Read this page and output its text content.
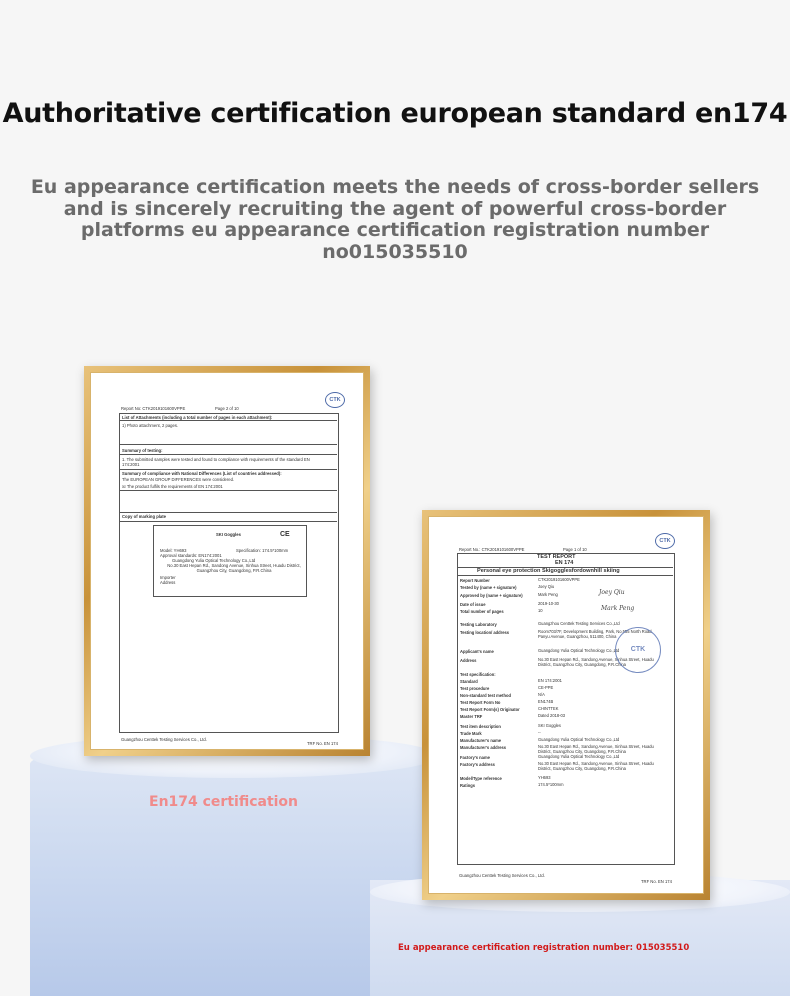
Authoritative certification european standard en174
Eu appearance certification meets the needs of cross-border sellers and is sincerely recruiting the agent of powerful cross-border platforms eu appearance certification registration number no015035510
CTK
Report No: CTK2019101600VPPE	Page 2 of 10
List of Attachments (including a total number of pages in each attachment):
1) Photo attachment, 2 pages.
Summary of testing:
1. The submitted samples were tested and found to compliance with requirements of the standard EN 174:2001
Summary of compliance with National Differences (List of countries addressed):
The EUROPEAN GROUP DIFFERENCES were considered.
☒ The product fulfils the requirements of EN 174:2001
Copy of marking plate
SKI Goggles	CE
Model: YH693	Specification: 174.5*100mm
Approval standards: EN174:2001
Guangdong Yulia Optical Technology Co.,Ltd
No.30 East Hepan Rd., Sandong Avenue, Xinhua Street, Huadu District, Guangzhou City, Guangdong, P.R.China
Importer
Address
Guangzhou Centtek Testing Services Co., Ltd.
TRF No. EN 174
CTK
Report No.: CTK2019101600VPPE	Page 1 of 10
TEST REPORT
EN 174
Personal eye protection Skigogglesfordownhill skiing
Report Number	CTK2019101600VPPE
Tested by (name + signature)	Joey Qiu
Approved by (name + signature)	Mark Peng
Date of issue	2019-10-30
Total number of pages	10
Testing Laboratory	Guangzhou Centtek Testing Services Co.,Ltd
Testing location/ address	Room703/7F, Development Building, Park, No.555 North Road Panyu Avenue, Guangzhou, 511400, China
Applicant's name	Guangdong Yulia Optical Technology Co.,Ltd
Address	No.30 East Hepan Rd., Sandong Avenue, Xinhua Street, Huadu District, Guangzhou City, Guangdong, P.R.China
Test specification:
Standard	EN 174:2001
Test procedure	CE-PPE
Non-standard test method	N/A
Test Report Form No	EN174B
Test Report Form(s) Originator	CHINTTEK
Master TRF	Dated 2018-03
Test item description	SKI Goggles
Trade Mark	--
Manufacturer's name	Guangdong Yulia Optical Technology Co.,Ltd
Manufacturer's address	No.30 East Hepan Rd., Sandong Avenue, Xinhua Street, Huadu District, Guangzhou City, Guangdong, P.R.China
Factory's name	Guangdong Yulia Optical Technology Co.,Ltd
Factory's address	No.30 East Hepan Rd., Sandong Avenue, Xinhua Street, Huadu District, Guangzhou City, Guangdong, P.R.China
Model/Type reference	YH693
Ratings	174.5*100mm
Joey Qiu
Mark Peng
CTK
Guangzhou Centtek Testing Services Co., Ltd.
TRF No. EN 174
En174 certification
Eu appearance certification registration number: 015035510
